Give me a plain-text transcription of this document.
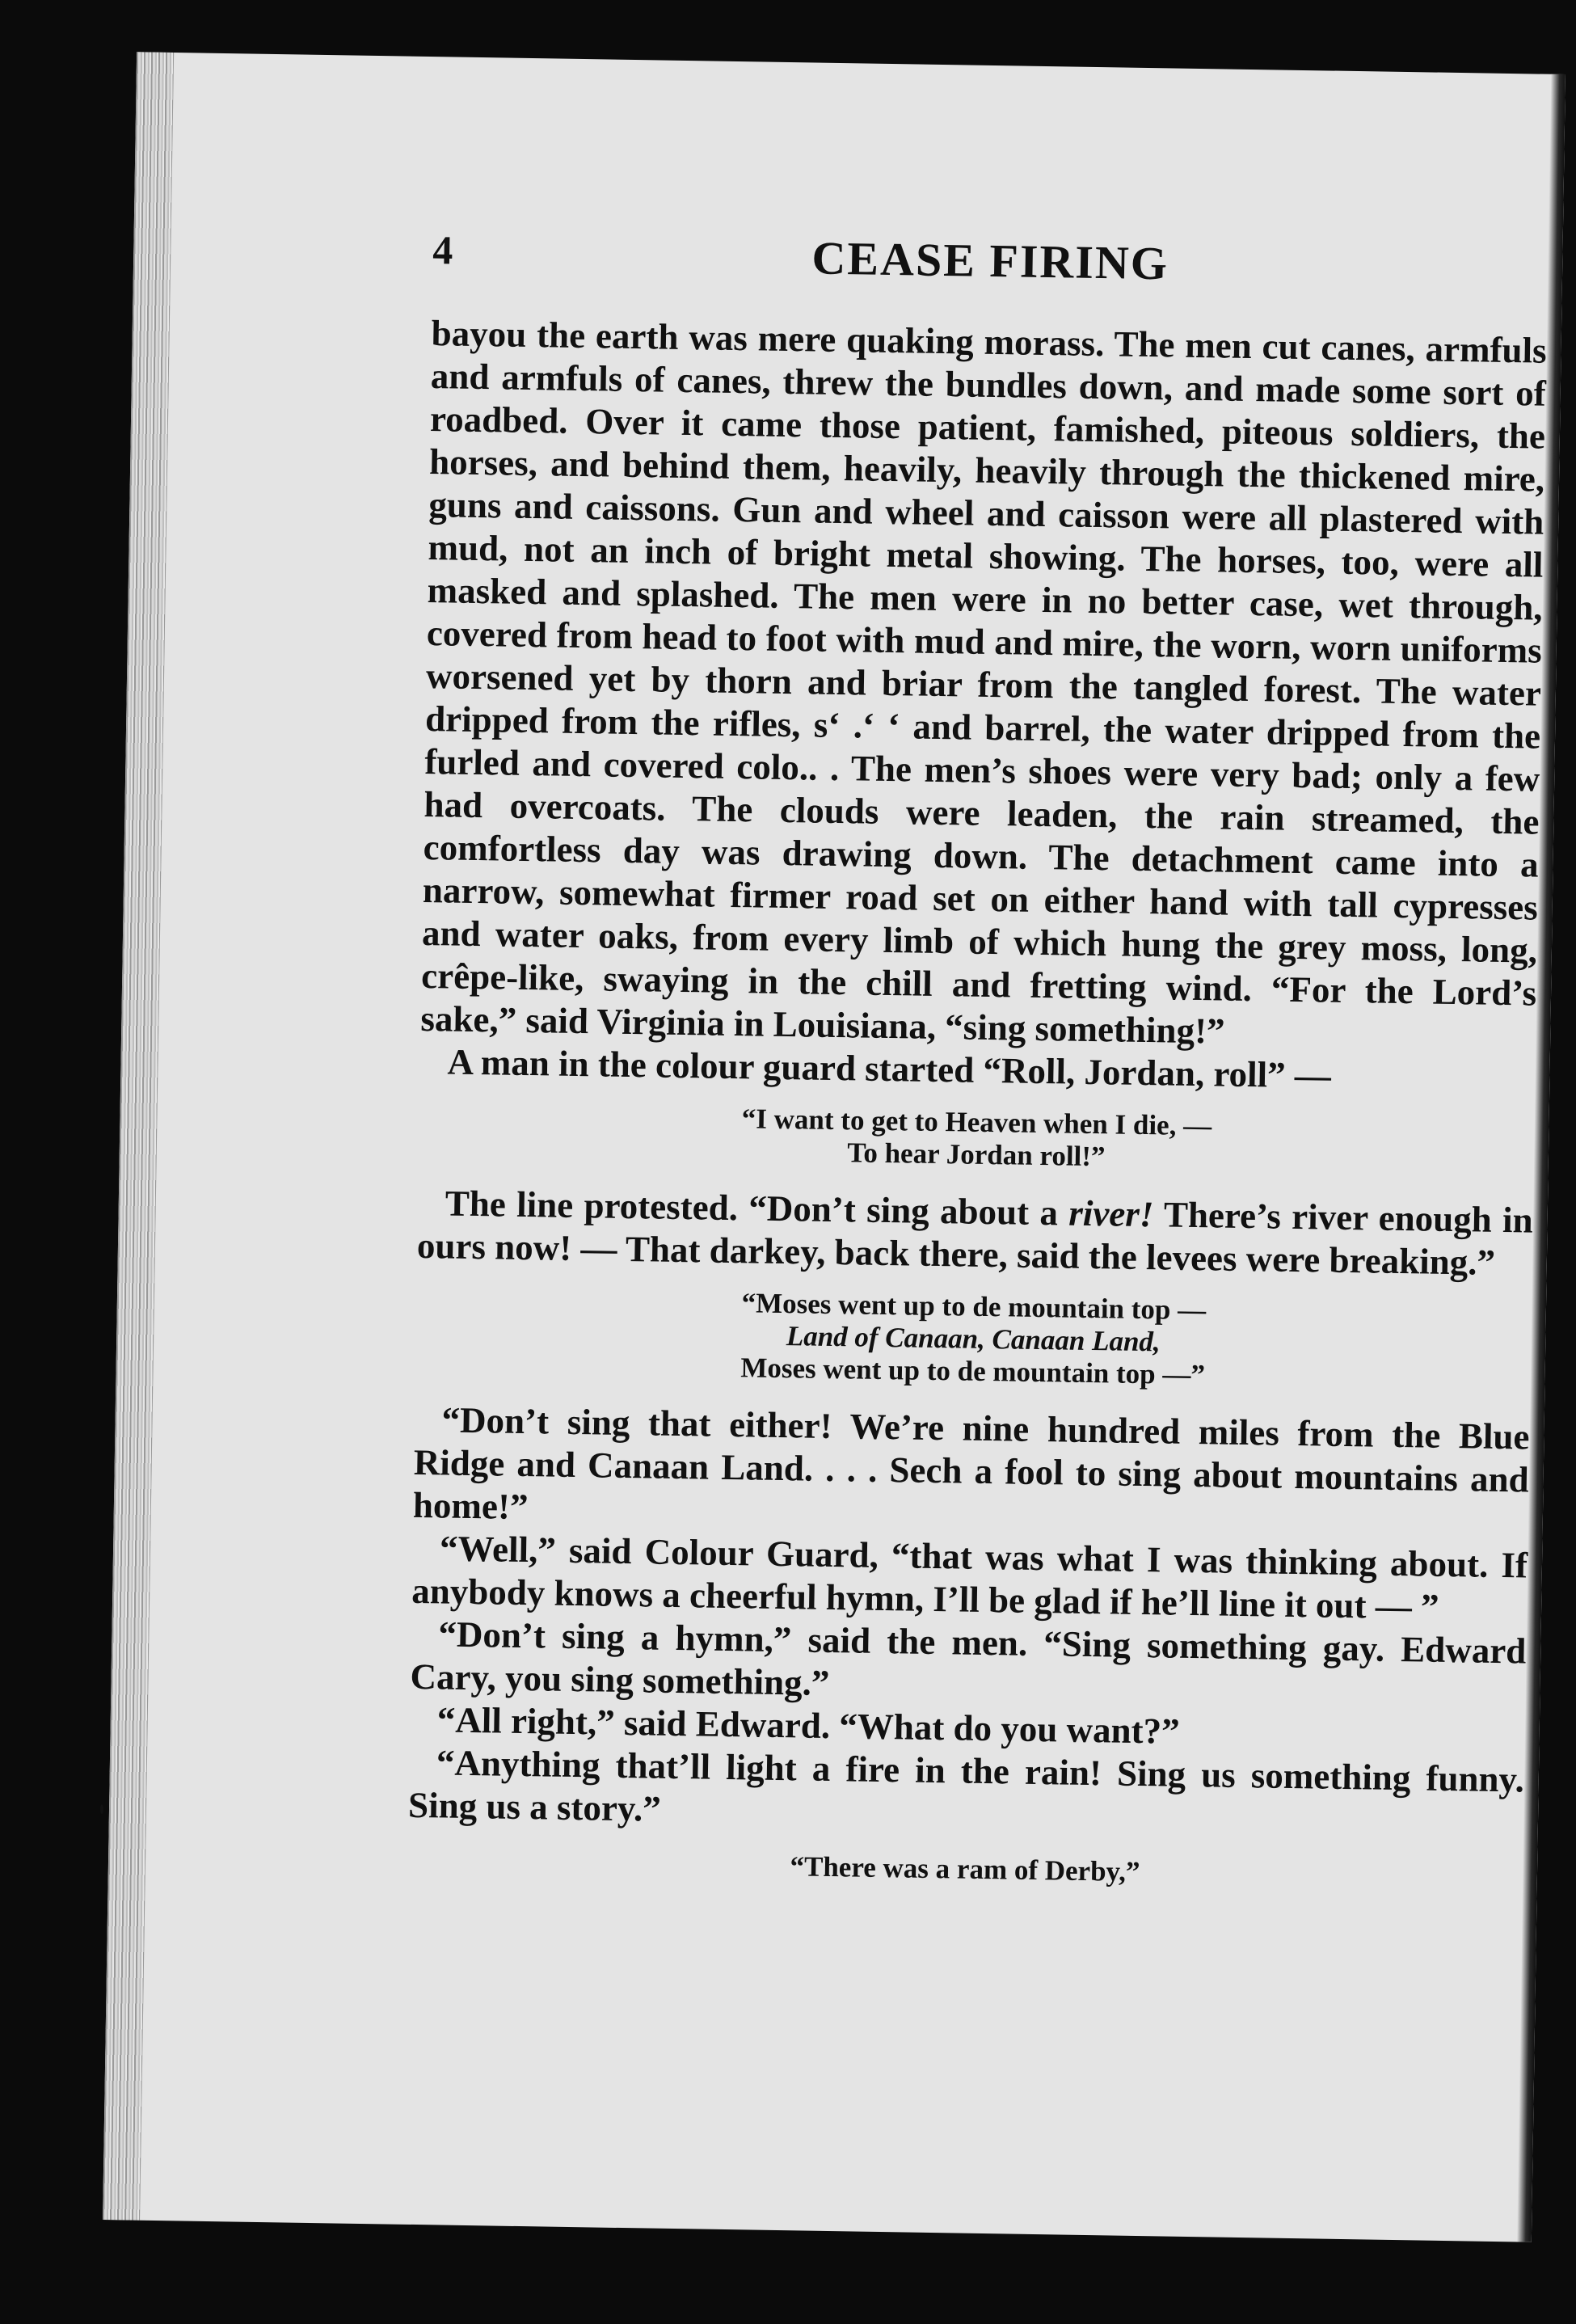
4	CEASE FIRING

bayou the earth was mere quaking morass. The men cut canes, armfuls and armfuls of canes, threw the bundles down, and made some sort of roadbed. Over it came those patient, famished, piteous soldiers, the horses, and behind them, heavily, heavily through the thickened mire, guns and caissons. Gun and wheel and caisson were all plastered with mud, not an inch of bright metal showing. The horses, too, were all masked and splashed. The men were in no better case, wet through, covered from head to foot with mud and mire, the worn, worn uniforms worsened yet by thorn and briar from the tangled forest. The water dripped from the rifles, s‘ .‘ ‘ and barrel, the water dripped from the furled and covered colo.. . The men’s shoes were very bad; only a few had overcoats. The clouds were leaden, the rain streamed, the comfortless day was drawing down. The detachment came into a narrow, somewhat firmer road set on either hand with tall cypresses and water oaks, from every limb of which hung the grey moss, long, crêpe-like, swaying in the chill and fretting wind. “For the Lord’s sake,” said Virginia in Louisiana, “sing something!”

A man in the colour guard started “Roll, Jordan, roll” —

“I want to get to Heaven when I die, —
To hear Jordan roll!”

The line protested. “Don’t sing about a river! There’s river enough in ours now! — That darkey, back there, said the levees were breaking.”

“Moses went up to de mountain top —
Land of Canaan, Canaan Land,
Moses went up to de mountain top —”

“Don’t sing that either! We’re nine hundred miles from the Blue Ridge and Canaan Land. . . . Sech a fool to sing about mountains and home!”

“Well,” said Colour Guard, “that was what I was thinking about. If anybody knows a cheerful hymn, I’ll be glad if he’ll line it out — ”

“Don’t sing a hymn,” said the men. “Sing something gay. Edward Cary, you sing something.”

“All right,” said Edward. “What do you want?”

“Anything that’ll light a fire in the rain! Sing us something funny. Sing us a story.”

“There was a ram of Derby,”
